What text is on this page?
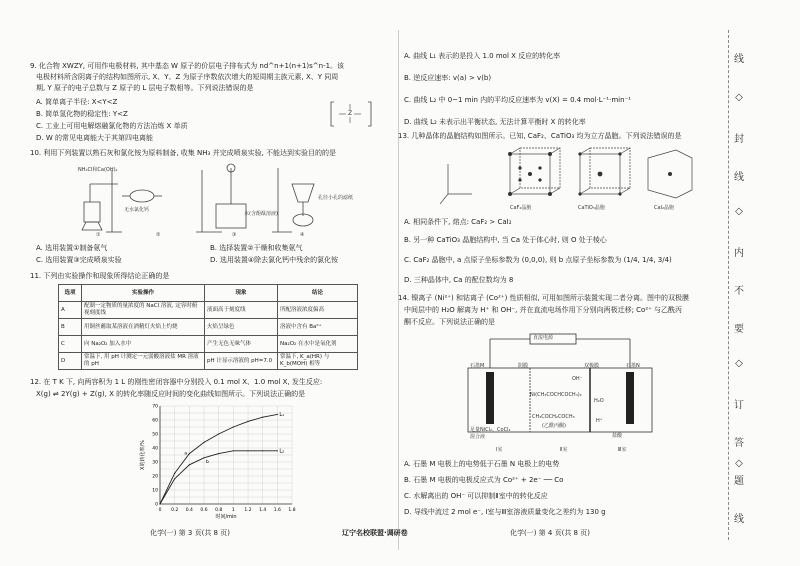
9. 化合物 XWZY, 可用作电极材料, 其中基态 W 原子的价层电子排布式为 nd^n+1(n+1)s^n-1。该
电极材料所含阴离子的结构如图所示, X、Y、Z 为原子序数依次增大的短周期主族元素, X、Y 同周
期, Y 原子的电子总数与 Z 原子的 L 层电子数相等。下列说法错误的是
A. 简单离子半径: X<Y<Z
B. 简单氢化物的稳定性: Y<Z
C. 工业上可用电解熔融氯化物的方法冶炼 X 单质
D. W 的常见电离能大于其第四电离能
Z
10. 利用下列装置以熟石灰和氯化铵为原料制备, 收集 NH₃ 并完成喷泉实验, 不能达到实验目的的是
NH₄Cl和Ca(OH)₂
无水氯化钙
①	②
水(含酚酞溶液)
③	④
孔径小孔的滤纸
A. 选用装置①制备氨气	B. 选择装置②干燥和收集氨气
C. 选用装置③完成喷泉实验	D. 选用装置④除去氯化钙中残余的氯化铵
11. 下列由实验操作和现象所得结论正确的是
选项	实验操作	现象	结论
A	配制一定物质的量浓度的 NaCl 溶液, 定容时俯视刻度线	液面高于刻度线	所配溶液浓度偏高
B	用铜丝蘸取某溶液在酒精灯火焰上灼烧	火焰呈绿色	溶液中含有 Ba²⁺
C	向 Na₂O₂ 加入水中	产生无色无味气体	Na₂O₂ 在水中是氧化剂
D	常温下, 用 pH 计测定一元弱酸溶液盐 MR 溶液的 pH	pH 计显示溶液的 pH=7.0	常温下, K_a(HR) 与 K_b(MOH) 相等
12. 在 T K 下, 向两容积为 1 L 的刚性密闭容器中分别投入 0.1 mol X、1.0 mol X, 发生反应:
X(g) ⇌ 2Y(g) + Z(g), X 的转化率随反应时间的变化曲线如图所示。下列说法正确的是
0 0.2 0.4 0.6 0.8 1 1.2 1.4 1.6 1.8
0
10
20
30
40
50
60
70
时间/min
X的转化率/%
L₁
L₂
a
b
化学(一) 第 3 页(共 8 页)	辽宁名校联盟·调研卷
A. 曲线 L₁ 表示的是投入 1.0 mol X 反应的转化率
B. 逆反应速率: v(a) > v(b)
C. 曲线 L₂ 中 0~1 min 内的平均反应速率为 v(X) = 0.4 mol·L⁻¹·min⁻¹
D. 曲线 L₂ 未表示出平衡状态, 无法计算平衡时 X 的转化率
13. 几种晶体的晶胞结构如图所示。已知, CaF₂、CaTiO₃ 均为立方晶胞。下列说法错误的是
CaF₂晶胞	CaTiO₃晶胞	CaI₂晶胞
A. 相同条件下, 熔点: CaF₂ > CaI₂
B. 另一种 CaTiO₃ 晶胞结构中, 当 Ca 处于体心时, 则 O 处于棱心
C. CaF₂ 晶胞中, a 点原子坐标参数为 (0,0,0), 则 b 点原子坐标参数为 (1/4, 1/4, 3/4)
D. 三种晶体中, Ca 的配位数均为 8
14. 镍离子 (Ni²⁺) 和钴离子 (Co²⁺) 性质相似, 可用如图所示装置实现二者分离。图中的双极膜
中间层中的 H₂O 解离为 H⁺ 和 OH⁻, 并在直流电场作用下分别向两极迁移; Co²⁺ 与乙酰丙
酮不反应。下列说法正确的是
直流电源
石墨M	石墨N
阴膜	双极膜
OH⁻
H₂O
H⁺
Ni(CH₃COCHCOCH₃)₂
CH₃COCH₂COCH₃
(乙酰丙酮)
足量NiCl₂、CoCl₂混合液	盐酸
Ⅰ室	Ⅱ室	Ⅲ室
A. 石墨 M 电极上的电势低于石墨 N 电极上的电势
B. 石墨 M 电极的电极反应式为 Co²⁺ + 2e⁻ ── Co
C. 水解离出的 OH⁻ 可以抑制Ⅱ室中的转化反应
D. 导线中流过 2 mol e⁻, Ⅰ室与Ⅲ室溶液质量变化之差约为 130 g
化学(一) 第 4 页(共 8 页)
线
◇
封
线
◇
内
不
要
◇
订
答
◇
题
线
